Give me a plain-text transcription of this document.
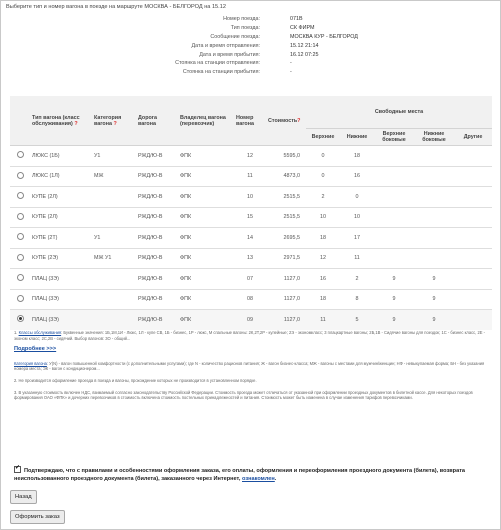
Выберите тип и номер вагона в поезде на маршруте МОСКВА - БЕЛГОРОД на 15.12
Номер поезда:	071В
Тип поезда:	СК ФИРМ
Сообщение поезда:	МОСКВА КУР - БЕЛГОРОД
Дата и время отправления:	15.12 21:14
Дата и время прибытия:	16.12 07:25
Стоянка на станции отправления:	-
Стоянка на станции прибытия:	-
	Тип вагона (класс обслуживания) ?	Категория вагона ?	Дорога вагона	Владелец вагона (перевозчик)	Номер вагона	Стоимость?	Свободные места				
							Верхние	Нижние	Верхние боковые	Нижние боковые	Другие
	ЛЮКС (1Б)	У1	РЖД/Ю-В	ФПК	12	5595,0	0	18			
	ЛЮКС (1Л)	МЖ	РЖД/Ю-В	ФПК	11	4873,0	0	16			
	КУПЕ (2Л)		РЖД/Ю-В	ФПК	10	2515,5	2	0			
	КУПЕ (2Л)		РЖД/Ю-В	ФПК	15	2515,5	10	10			
	КУПЕ (2Т)	У1	РЖД/Ю-В	ФПК	14	2695,5	18	17			
	КУПЕ (2Э)	МЖ У1	РЖД/Ю-В	ФПК	13	2971,5	12	11			
	ПЛАЦ (3Э)		РЖД/Ю-В	ФПК	07	1127,0	16	2	9	9	
	ПЛАЦ (3Э)		РЖД/Ю-В	ФПК	08	1127,0	18	8	9	9	
	ПЛАЦ (3Э)		РЖД/Ю-В	ФПК	09	1127,0	11	5	9	9	

1. Классы обслуживания: Буквенные значения: 1Б,1М,1И - Люкс, 1Л - купе СВ, 1Б - бизнес, 1Р - люкс, М спальные вагоны: 2К,2Т,2Р - купейные; 2Э - экономкласс; 3 плацкартные вагоны; 2Б,1В - Сидячие вагоны для поездок; 1С - бизнес класс, 2Е - эконом класс; 2С,2В - сидячий. Выбор вагонов: 3О - общий...

Подробнее >>>

Категория вагона: У(N) - вагон повышенной комфортности (с дополнительными услугами); где N - количество рационов питания; Ж - вагон бизнес-класса; МЖ - вагоны с местами для мужчин/женщин; НФ - невыкупаемая форма; БН - без указания номера места; ЭК - вагон с кондиционером...

2. Не производится оформление проезда в поезда и вагоны, прохождение которых не производится в установленном порядке.

3. В указанную стоимость включен НДС, взимаемый согласно законодательству Российской Федерации. Стоимость проезда может отличаться от указанной при оформлении проездных документов в билетной кассе. Для некоторых поездов формирования ОАО «ФПК» и дочерних перевозчиков в стоимость включена стоимость постельных принадлежностей и питания. Стоимость может быть изменена в случае изменения тарифов перевозчиками.

✓Подтверждаю, что с правилами и особенностями оформления заказа, его оплаты, оформления и переоформления проездного документа (билета), возврата неиспользованного проездного документа (билета), заказанного через Интернет, ознакомлен.
Назад
Оформить заказ
